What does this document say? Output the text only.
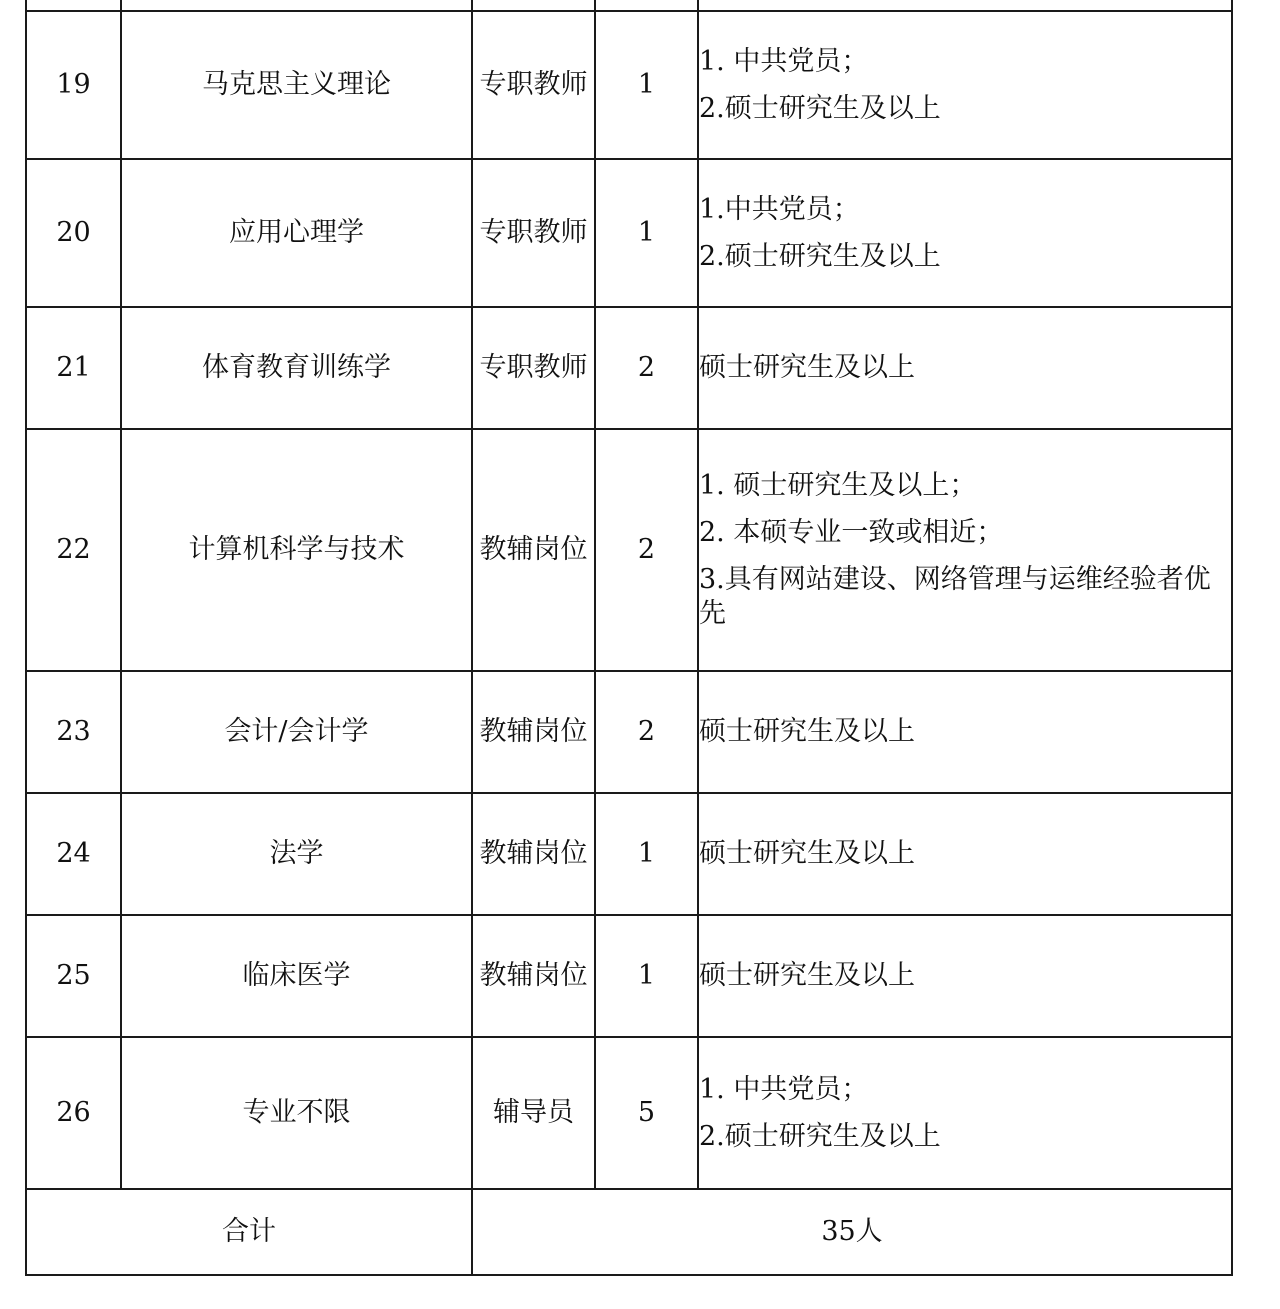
19	马克思主义理论	专职教师	1	1. 中共党员；
2.硕士研究生及以上

20	应用心理学	专职教师	1	1.中共党员；
2.硕士研究生及以上

21	体育教育训练学	专职教师	2	硕士研究生及以上

22	计算机科学与技术	教辅岗位	2	1. 硕士研究生及以上；
2. 本硕专业一致或相近；
3.具有网站建设、网络管理与运维经验者优先

23	会计/会计学	教辅岗位	2	硕士研究生及以上

24	法学	教辅岗位	1	硕士研究生及以上

25	临床医学	教辅岗位	1	硕士研究生及以上

26	专业不限	辅导员	5	1. 中共党员；
2.硕士研究生及以上

合计		35人		
